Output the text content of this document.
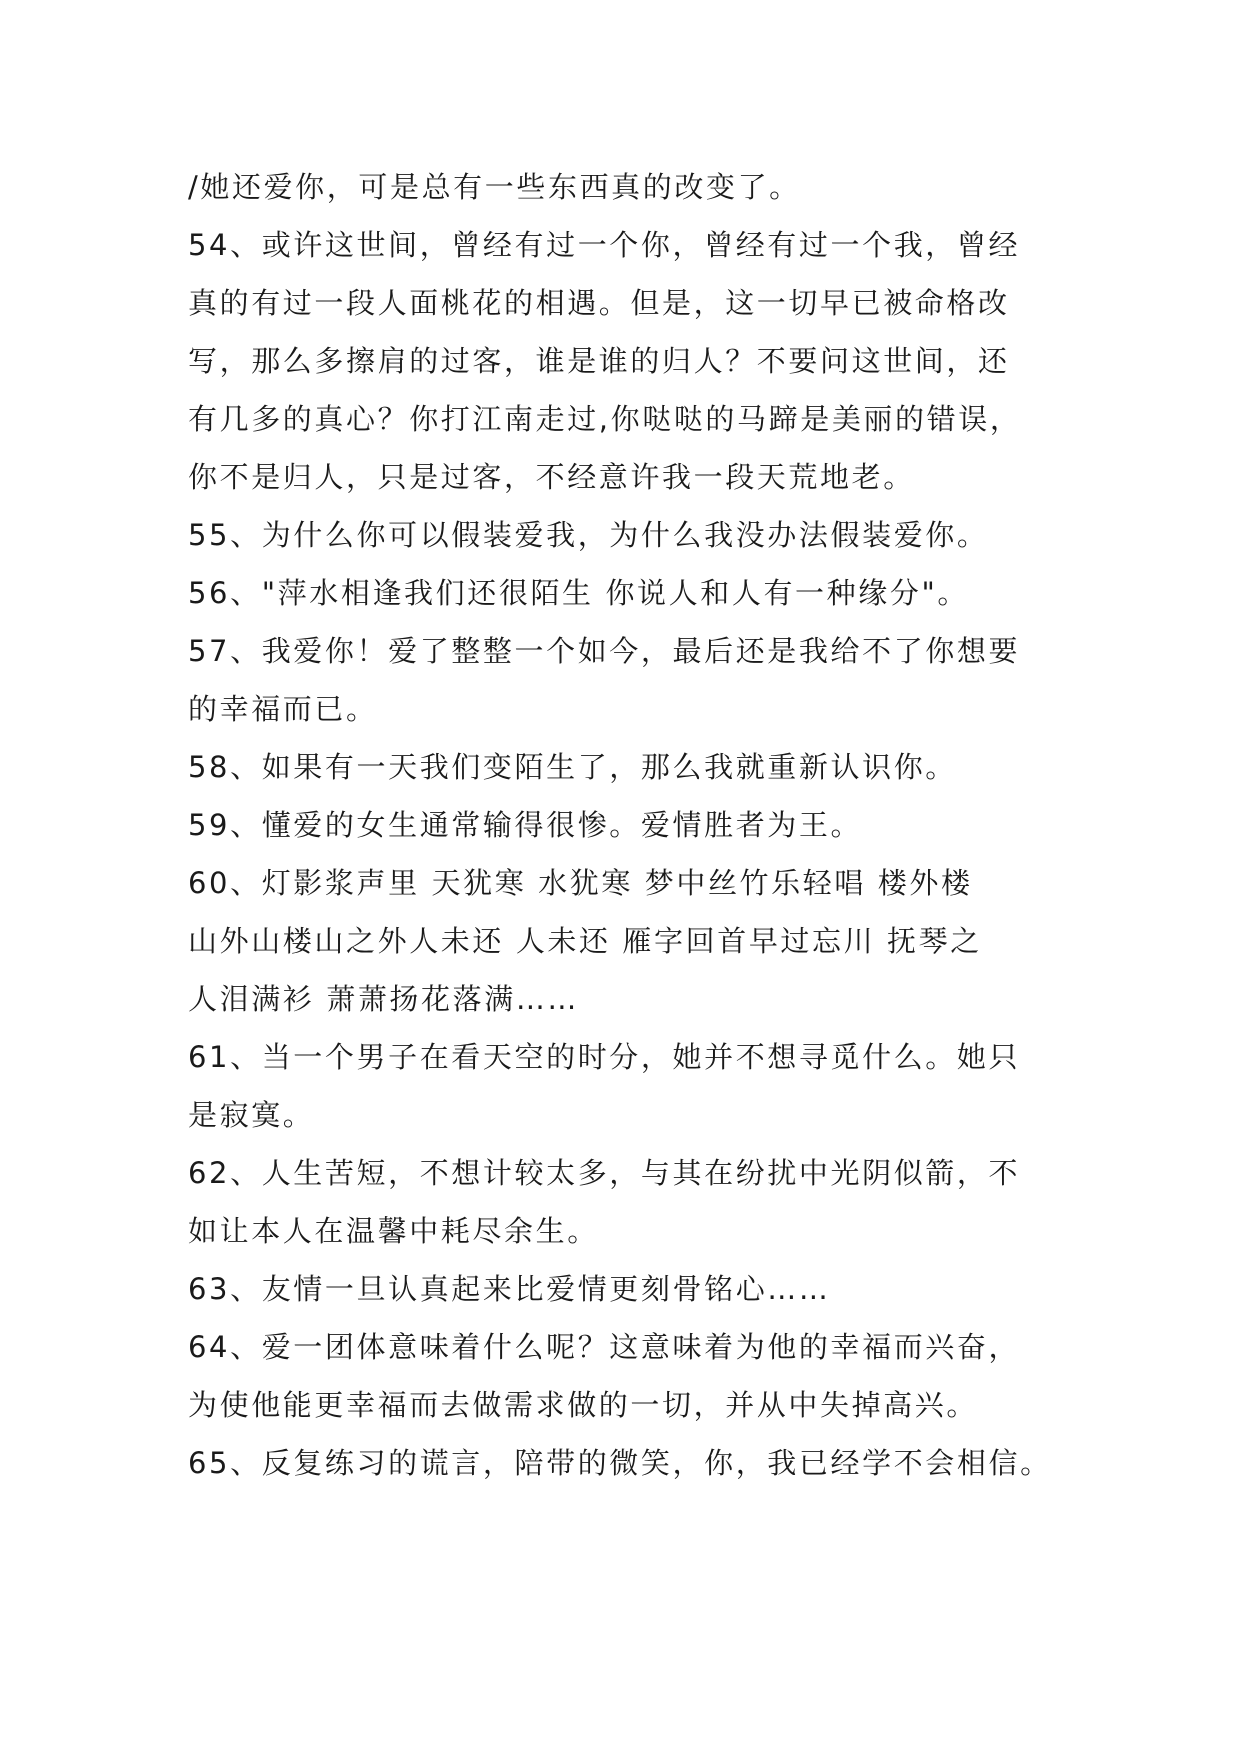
/她还爱你，可是总有一些东西真的改变了。
54、或许这世间，曾经有过一个你，曾经有过一个我，曾经
真的有过一段人面桃花的相遇。但是，这一切早已被命格改
写，那么多擦肩的过客，谁是谁的归人？不要问这世间，还
有几多的真心？你打江南走过,你哒哒的马蹄是美丽的错误，
你不是归人，只是过客，不经意许我一段天荒地老。
55、为什么你可以假装爱我，为什么我没办法假装爱你。
56、"萍水相逢我们还很陌生 你说人和人有一种缘分"。
57、我爱你！爱了整整一个如今，最后还是我给不了你想要
的幸福而已。
58、如果有一天我们变陌生了，那么我就重新认识你。
59、懂爱的女生通常输得很惨。爱情胜者为王。
60、灯影浆声里 天犹寒 水犹寒 梦中丝竹乐轻唱 楼外楼
山外山楼山之外人未还 人未还 雁字回首早过忘川 抚琴之
人泪满衫 萧萧扬花落满……
61、当一个男子在看天空的时分，她并不想寻觅什么。她只
是寂寞。
62、人生苦短，不想计较太多，与其在纷扰中光阴似箭，不
如让本人在温馨中耗尽余生。
63、友情一旦认真起来比爱情更刻骨铭心……
64、爱一团体意味着什么呢？这意味着为他的幸福而兴奋，
为使他能更幸福而去做需求做的一切，并从中失掉高兴。
65、反复练习的谎言，陪带的微笑，你，我已经学不会相信。
